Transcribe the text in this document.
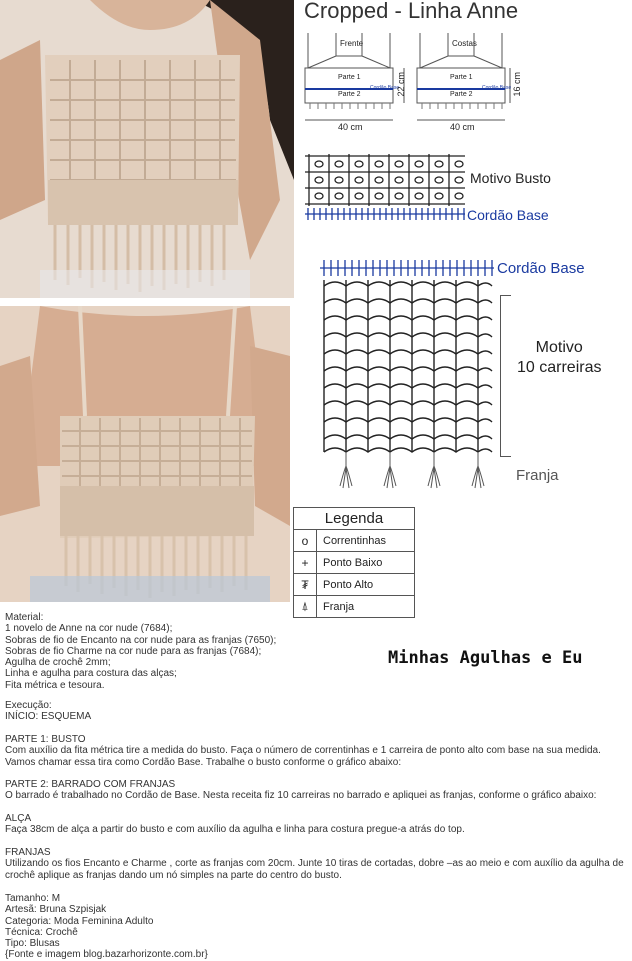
Cropped - Linha Anne
Frente
Parte 1
Parte 2
Cordão Base
22 cm
40 cm
Costas
Parte 1
Parte 2
Cordão Base 16 cm
40 cm
Motivo Busto
Cordão Base
Cordão Base
Motivo
10 carreiras
Franja
Legenda
o	Correntinhas
+	Ponto Baixo
₮	Ponto Alto
⍋	Franja
Minhas Agulhas e Eu

Material:

1 novelo de Anne na cor nude (7684);

Sobras de fio de Encanto na cor nude para as franjas (7650);

Sobras de fio Charme na cor nude para as franjas (7684);

Agulha de crochê 2mm;

Linha e agulha para costura das alças;

Fita métrica e tesoura.

Execução:

INÍCIO: ESQUEMA

PARTE 1: BUSTO

Com auxílio da fita métrica tire a medida do busto. Faça o número de correntinhas e 1 carreira de ponto alto com base na sua medida. Vamos chamar essa tira como Cordão Base. Trabalhe o busto conforme o gráfico abaixo:

PARTE 2: BARRADO COM FRANJAS

O barrado é trabalhado no Cordão de Base. Nesta receita fiz 10 carreiras no barrado e apliquei as franjas, conforme o gráfico abaixo:

ALÇA

Faça 38cm de alça a partir do busto e com auxílio da agulha e linha para costura pregue-a atrás do top.

FRANJAS

Utilizando os fios Encanto e Charme , corte as franjas com 20cm. Junte 10 tiras de cortadas, dobre –as ao meio e com auxílio da agulha de crochê aplique as franjas dando um nó simples na parte do centro do busto.

Tamanho: M

Artesã: Bruna Szpisjak

Categoria: Moda Feminina Adulto

Técnica: Crochê

Tipo: Blusas

{Fonte e imagem blog.bazarhorizonte.com.br}
